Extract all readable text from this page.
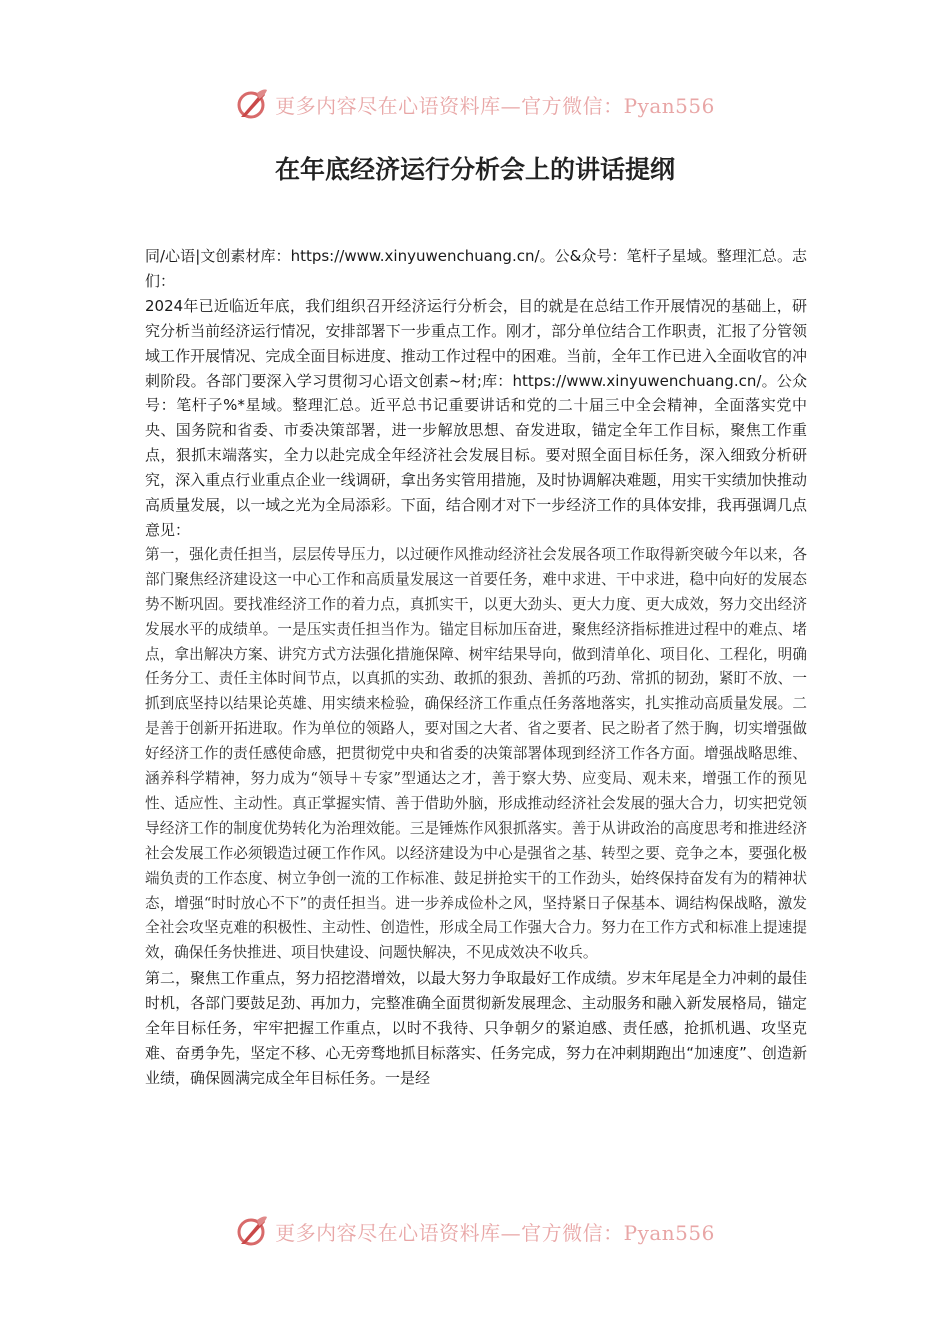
更多内容尽在心语资料库—官方微信：Pyan556
在年底经济运行分析会上的讲话提纲

同/心语|文创素材库：https://www.xinyuwenchuang.cn/。公&众号：笔杆子星域。整理汇总。志们：

2024年已近临近年底，我们组织召开经济运行分析会，目的就是在总结工作开展情况的基础上，研究分析当前经济运行情况，安排部署下一步重点工作。刚才，部分单位结合工作职责，汇报了分管领域工作开展情况、完成全面目标进度、推动工作过程中的困难。当前，全年工作已进入全面收官的冲刺阶段。各部门要深入学习贯彻习心语文创素~材;库：https://www.xinyuwenchuang.cn/。公众号：笔杆子%*星域。整理汇总。近平总书记重要讲话和党的二十届三中全会精神，全面落实党中央、国务院和省委、市委决策部署，进一步解放思想、奋发进取，锚定全年工作目标，聚焦工作重点，狠抓末端落实，全力以赴完成全年经济社会发展目标。要对照全面目标任务，深入细致分析研究，深入重点行业重点企业一线调研，拿出务实管用措施，及时协调解决难题，用实干实绩加快推动高质量发展，以一域之光为全局添彩。下面，结合刚才对下一步经济工作的具体安排，我再强调几点意见：

第一，强化责任担当，层层传导压力，以过硬作风推动经济社会发展各项工作取得新突破今年以来，各部门聚焦经济建设这一中心工作和高质量发展这一首要任务，难中求进、干中求进，稳中向好的发展态势不断巩固。要找准经济工作的着力点，真抓实干，以更大劲头、更大力度、更大成效，努力交出经济发展水平的成绩单。一是压实责任担当作为。锚定目标加压奋进，聚焦经济指标推进过程中的难点、堵点，拿出解决方案、讲究方式方法强化措施保障、树牢结果导向，做到清单化、项目化、工程化，明确任务分工、责任主体时间节点，以真抓的实劲、敢抓的狠劲、善抓的巧劲、常抓的韧劲，紧盯不放、一抓到底坚持以结果论英雄、用实绩来检验，确保经济工作重点任务落地落实，扎实推动高质量发展。二是善于创新开拓进取。作为单位的领路人，要对国之大者、省之要者、民之盼者了然于胸，切实增强做好经济工作的责任感使命感，把贯彻党中央和省委的决策部署体现到经济工作各方面。增强战略思维、涵养科学精神，努力成为“领导＋专家”型通达之才，善于察大势、应变局、观未来，增强工作的预见性、适应性、主动性。真正掌握实情、善于借助外脑，形成推动经济社会发展的强大合力，切实把党领导经济工作的制度优势转化为治理效能。三是锤炼作风狠抓落实。善于从讲政治的高度思考和推进经济社会发展工作必须锻造过硬工作作风。以经济建设为中心是强省之基、转型之要、竞争之本，要强化极端负责的工作态度、树立争创一流的工作标准、鼓足拼抢实干的工作劲头，始终保持奋发有为的精神状态，增强“时时放心不下”的责任担当。进一步养成俭朴之风，坚持紧日子保基本、调结构保战略，激发全社会攻坚克难的积极性、主动性、创造性，形成全局工作强大合力。努力在工作方式和标准上提速提效，确保任务快推进、项目快建设、问题快解决，不见成效决不收兵。

第二，聚焦工作重点，努力招挖潜增效，以最大努力争取最好工作成绩。岁末年尾是全力冲刺的最佳时机，各部门要鼓足劲、再加力，完整准确全面贯彻新发展理念、主动服务和融入新发展格局，锚定全年目标任务，牢牢把握工作重点，以时不我待、只争朝夕的紧迫感、责任感，抢抓机遇、攻坚克难、奋勇争先，坚定不移、心无旁骛地抓目标落实、任务完成，努力在冲刺期跑出“加速度”、创造新业绩，确保圆满完成全年目标任务。一是经

更多内容尽在心语资料库—官方微信：Pyan556
